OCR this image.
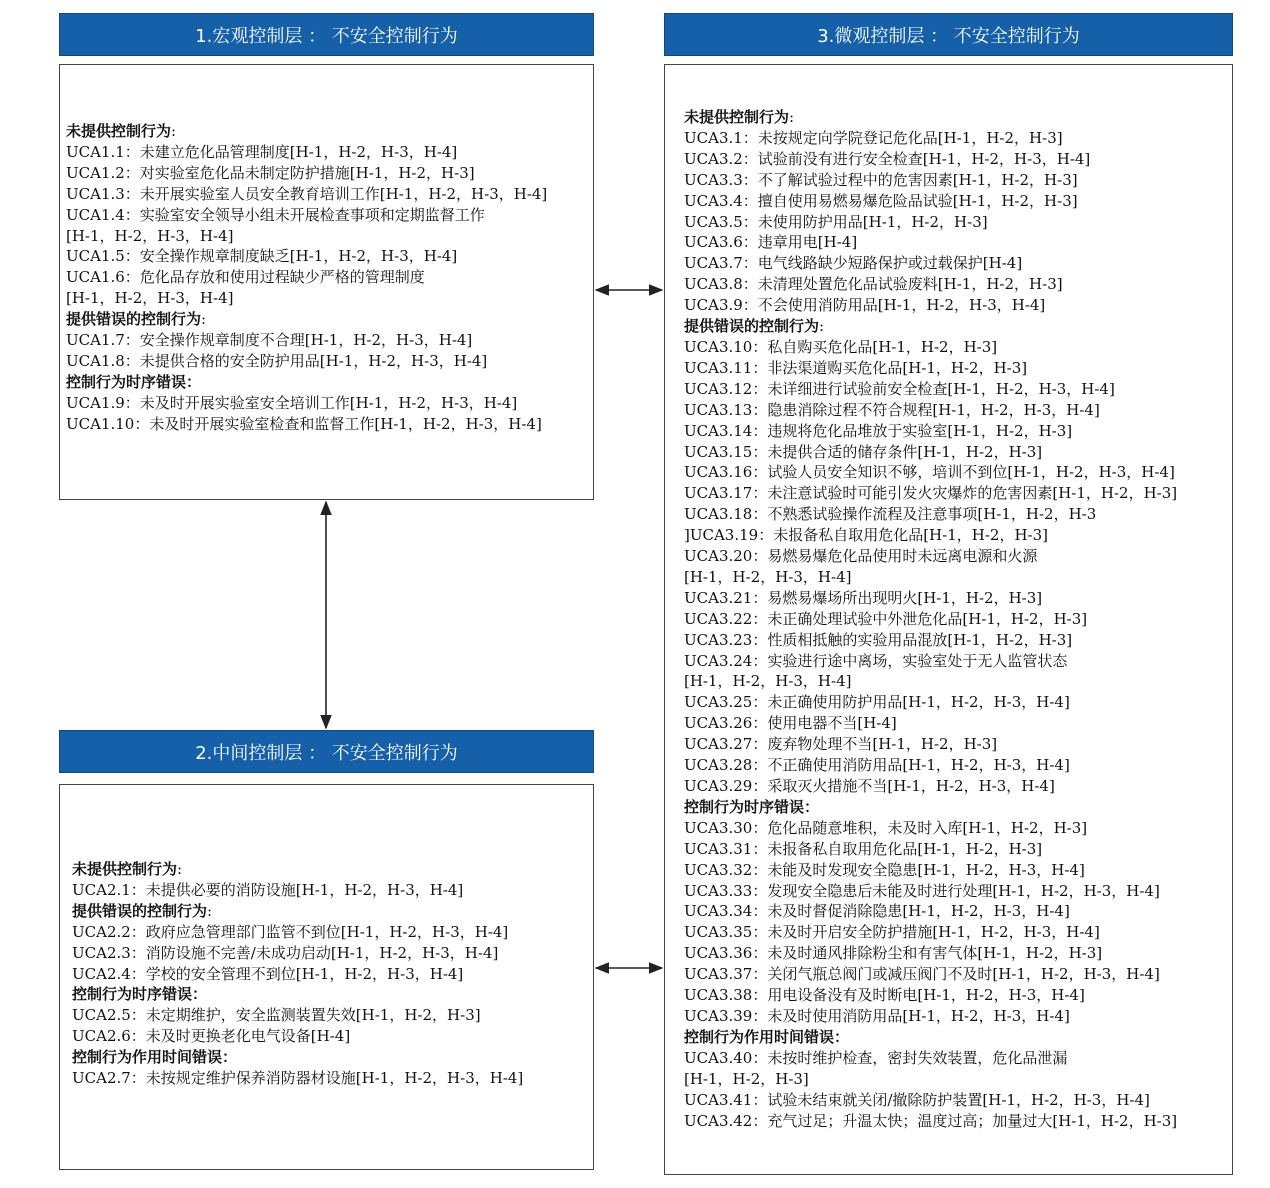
1.宏观控制层 ： 不安全控制行为	3.微观控制层 ： 不安全控制行为
2.中间控制层 ： 不安全控制行为
未提供控制行为:
UCA1.1：未建立危化品管理制度[H-1，H-2，H-3，H-4]
UCA1.2：对实验室危化品未制定防护措施[H-1，H-2，H-3]
UCA1.3：未开展实验室人员安全教育培训工作[H-1，H-2，H-3，H-4]
UCA1.4：实验室安全领导小组未开展检查事项和定期监督工作
[H-1，H-2，H-3，H-4]
UCA1.5：安全操作规章制度缺乏[H-1，H-2，H-3，H-4]
UCA1.6：危化品存放和使用过程缺少严格的管理制度
[H-1，H-2，H-3，H-4]
提供错误的控制行为:
UCA1.7：安全操作规章制度不合理[H-1，H-2，H-3，H-4]
UCA1.8：未提供合格的安全防护用品[H-1，H-2，H-3，H-4]
控制行为时序错误：
UCA1.9：未及时开展实验室安全培训工作[H-1，H-2，H-3，H-4]
UCA1.10：未及时开展实验室检查和监督工作[H-1，H-2，H-3，H-4]
未提供控制行为:
UCA2.1：未提供必要的消防设施[H-1，H-2，H-3，H-4]
提供错误的控制行为:
UCA2.2：政府应急管理部门监管不到位[H-1，H-2，H-3，H-4]
UCA2.3：消防设施不完善/未成功启动[H-1，H-2，H-3，H-4]
UCA2.4：学校的安全管理不到位[H-1，H-2，H-3，H-4]
控制行为时序错误：
UCA2.5：未定期维护，安全监测装置失效[H-1，H-2，H-3]
UCA2.6：未及时更换老化电气设备[H-4]
控制行为作用时间错误：
UCA2.7：未按规定维护保养消防器材设施[H-1，H-2，H-3，H-4]
未提供控制行为:
UCA3.1：未按规定向学院登记危化品[H-1，H-2，H-3]
UCA3.2：试验前没有进行安全检查[H-1，H-2，H-3，H-4]
UCA3.3：不了解试验过程中的危害因素[H-1，H-2，H-3]
UCA3.4：擅自使用易燃易爆危险品试验[H-1，H-2，H-3]
UCA3.5：未使用防护用品[H-1，H-2，H-3]
UCA3.6：违章用电[H-4]
UCA3.7：电气线路缺少短路保护或过载保护[H-4]
UCA3.8：未清理处置危化品试验废料[H-1，H-2，H-3]
UCA3.9：不会使用消防用品[H-1，H-2，H-3，H-4]
提供错误的控制行为:
UCA3.10：私自购买危化品[H-1，H-2，H-3]
UCA3.11：非法渠道购买危化品[H-1，H-2，H-3]
UCA3.12：未详细进行试验前安全检查[H-1，H-2，H-3，H-4]
UCA3.13：隐患消除过程不符合规程[H-1，H-2，H-3，H-4]
UCA3.14：违规将危化品堆放于实验室[H-1，H-2，H-3]
UCA3.15：未提供合适的储存条件[H-1，H-2，H-3]
UCA3.16：试验人员安全知识不够，培训不到位[H-1，H-2，H-3，H-4]
UCA3.17：未注意试验时可能引发火灾爆炸的危害因素[H-1，H-2，H-3]
UCA3.18：不熟悉试验操作流程及注意事项[H-1，H-2，H-3
]UCA3.19：未报备私自取用危化品[H-1，H-2，H-3]
UCA3.20：易燃易爆危化品使用时未远离电源和火源
[H-1，H-2，H-3，H-4]
UCA3.21：易燃易爆场所出现明火[H-1，H-2，H-3]
UCA3.22：未正确处理试验中外泄危化品[H-1，H-2，H-3]
UCA3.23：性质相抵触的实验用品混放[H-1，H-2，H-3]
UCA3.24：实验进行途中离场，实验室处于无人监管状态
[H-1，H-2，H-3，H-4]
UCA3.25：未正确使用防护用品[H-1，H-2，H-3，H-4]
UCA3.26：使用电器不当[H-4]
UCA3.27：废弃物处理不当[H-1，H-2，H-3]
UCA3.28：不正确使用消防用品[H-1，H-2，H-3，H-4]
UCA3.29：采取灭火措施不当[H-1，H-2，H-3，H-4]
控制行为时序错误：
UCA3.30：危化品随意堆积，未及时入库[H-1，H-2，H-3]
UCA3.31：未报备私自取用危化品[H-1，H-2，H-3]
UCA3.32：未能及时发现安全隐患[H-1，H-2，H-3，H-4]
UCA3.33：发现安全隐患后未能及时进行处理[H-1，H-2，H-3，H-4]
UCA3.34：未及时督促消除隐患[H-1，H-2，H-3，H-4]
UCA3.35：未及时开启安全防护措施[H-1，H-2，H-3，H-4]
UCA3.36：未及时通风排除粉尘和有害气体[H-1，H-2，H-3]
UCA3.37：关闭气瓶总阀门或减压阀门不及时[H-1，H-2，H-3，H-4]
UCA3.38：用电设备没有及时断电[H-1，H-2，H-3，H-4]
UCA3.39：未及时使用消防用品[H-1，H-2，H-3，H-4]
控制行为作用时间错误：
UCA3.40：未按时维护检查，密封失效装置，危化品泄漏
[H-1，H-2，H-3]
UCA3.41：试验未结束就关闭/撤除防护装置[H-1，H-2，H-3，H-4]
UCA3.42：充气过足；升温太快；温度过高；加量过大[H-1，H-2，H-3]
